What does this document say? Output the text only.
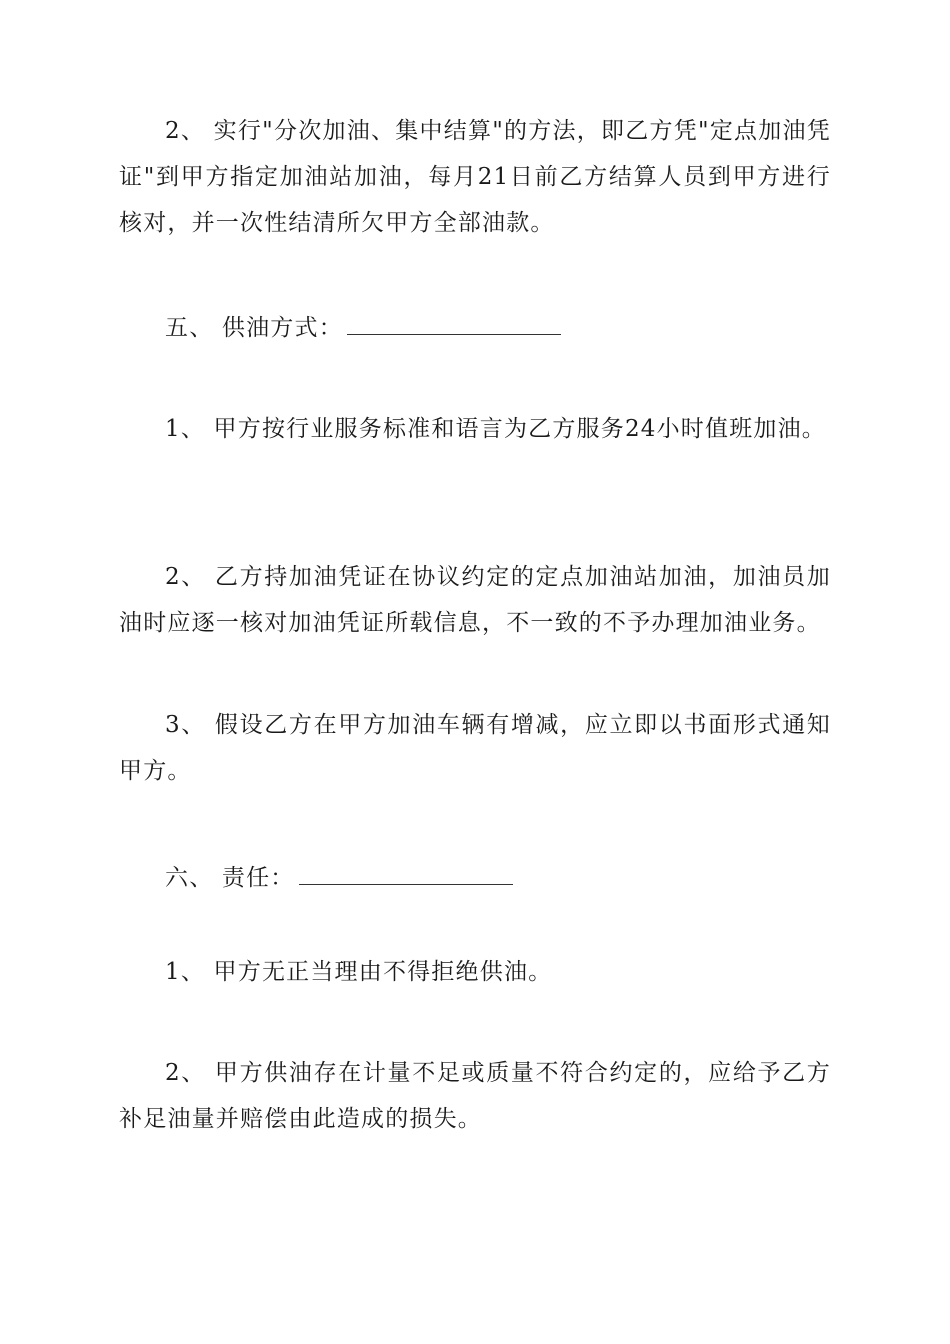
2、 实行"分次加油、集中结算"的方法，即乙方凭"定点加油凭证"到甲方指定加油站加油，每月21日前乙方结算人员到甲方进行核对，并一次性结清所欠甲方全部油款。

五、 供油方式：

1、 甲方按行业服务标准和语言为乙方服务24小时值班加油。

2、 乙方持加油凭证在协议约定的定点加油站加油，加油员加油时应逐一核对加油凭证所载信息，不一致的不予办理加油业务。

3、 假设乙方在甲方加油车辆有增减，应立即以书面形式通知甲方。

六、 责任：

1、 甲方无正当理由不得拒绝供油。

2、 甲方供油存在计量不足或质量不符合约定的，应给予乙方补足油量并赔偿由此造成的损失。
